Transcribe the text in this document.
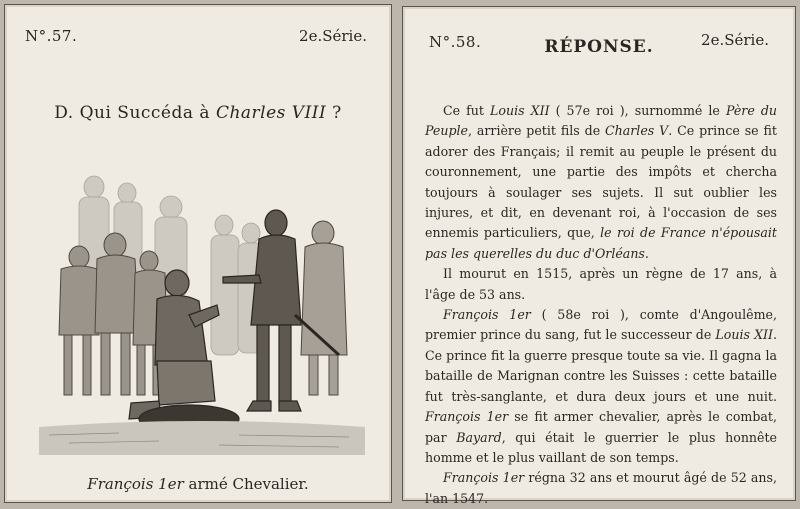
N°.57.	2e.Série.
D. Qui Succéda à Charles VIII ?
François 1er armé Chevalier.
N°.58.	RÉPONSE.	2e.Série.

Ce fut Louis XII ( 57e roi ), surnommé le Père du Peuple, arrière petit fils de Charles V. Ce prince se fit adorer des Français; il remit au peuple le présent du couronnement, une partie des impôts et chercha toujours à soulager ses sujets. Il sut oublier les injures, et dit, en devenant roi, à l'occasion de ses ennemis particuliers, que, le roi de France n'épousait pas les querelles du duc d'Orléans.

Il mourut en 1515, après un règne de 17 ans, à l'âge de 53 ans.

François 1er ( 58e roi ), comte d'Angoulême, premier prince du sang, fut le successeur de Louis XII. Ce prince fit la guerre presque toute sa vie. Il gagna la bataille de Marignan contre les Suisses : cette bataille fut très-sanglante, et dura deux jours et une nuit. François 1er se fit armer chevalier, après le combat, par Bayard, qui était le guerrier le plus honnête homme et le plus vaillant de son temps.

François 1er régna 32 ans et mourut âgé de 52 ans, l'an 1547.
